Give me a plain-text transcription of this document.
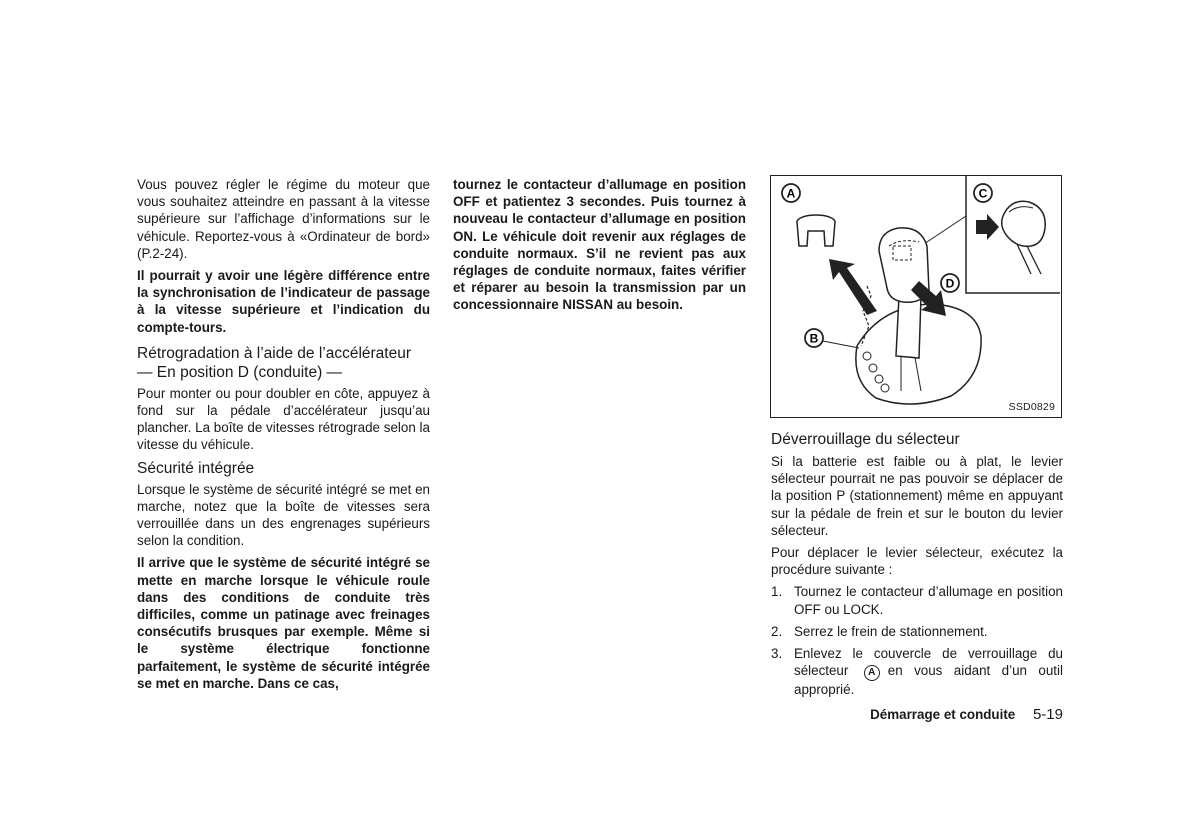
Vous pouvez régler le régime du moteur que vous souhaitez atteindre en passant à la vitesse supérieure sur l’affichage d’informations sur le véhicule. Reportez-vous à «Ordinateur de bord» (P.2-24).

Il pourrait y avoir une légère différence entre la synchronisation de l’indicateur de passage à la vitesse supérieure et l’indication du compte-tours.

Rétrogradation à l’aide de l’accélérateur — En position D (conduite) —

Pour monter ou pour doubler en côte, appuyez à fond sur la pédale d’accélérateur jusqu’au plancher. La boîte de vitesses rétrograde selon la vitesse du véhicule.

Sécurité intégrée

Lorsque le système de sécurité intégré se met en marche, notez que la boîte de vitesses sera verrouillée dans un des engrenages supérieurs selon la condition.

Il arrive que le système de sécurité intégré se mette en marche lorsque le véhicule roule dans des conditions de conduite très difficiles, comme un patinage avec freinages consécutifs brusques par exemple. Même si le système électrique fonctionne parfaitement, le système de sécurité intégrée se met en marche. Dans ce cas,

tournez le contacteur d’allumage en position OFF et patientez 3 secondes. Puis tournez à nouveau le contacteur d’allumage en position ON. Le véhicule doit revenir aux réglages de conduite normaux. S’il ne revient pas aux réglages de conduite normaux, faites vérifier et réparer au besoin la transmission par un concessionnaire NISSAN au besoin.

A	C
D
B
SSD0829
Déverrouillage du sélecteur

Si la batterie est faible ou à plat, le levier sélecteur pourrait ne pas pouvoir se déplacer de la position P (stationnement) même en appuyant sur la pédale de frein et sur le bouton du levier sélecteur.

Pour déplacer le levier sélecteur, exécutez la procédure suivante :

1. Tournez le contacteur d’allumage en position OFF ou LOCK.
2. Serrez le frein de stationnement.
3. Enlevez le couvercle de verrouillage du sélecteur A en vous aidant d’un outil approprié.
Démarrage et conduite 5-19
